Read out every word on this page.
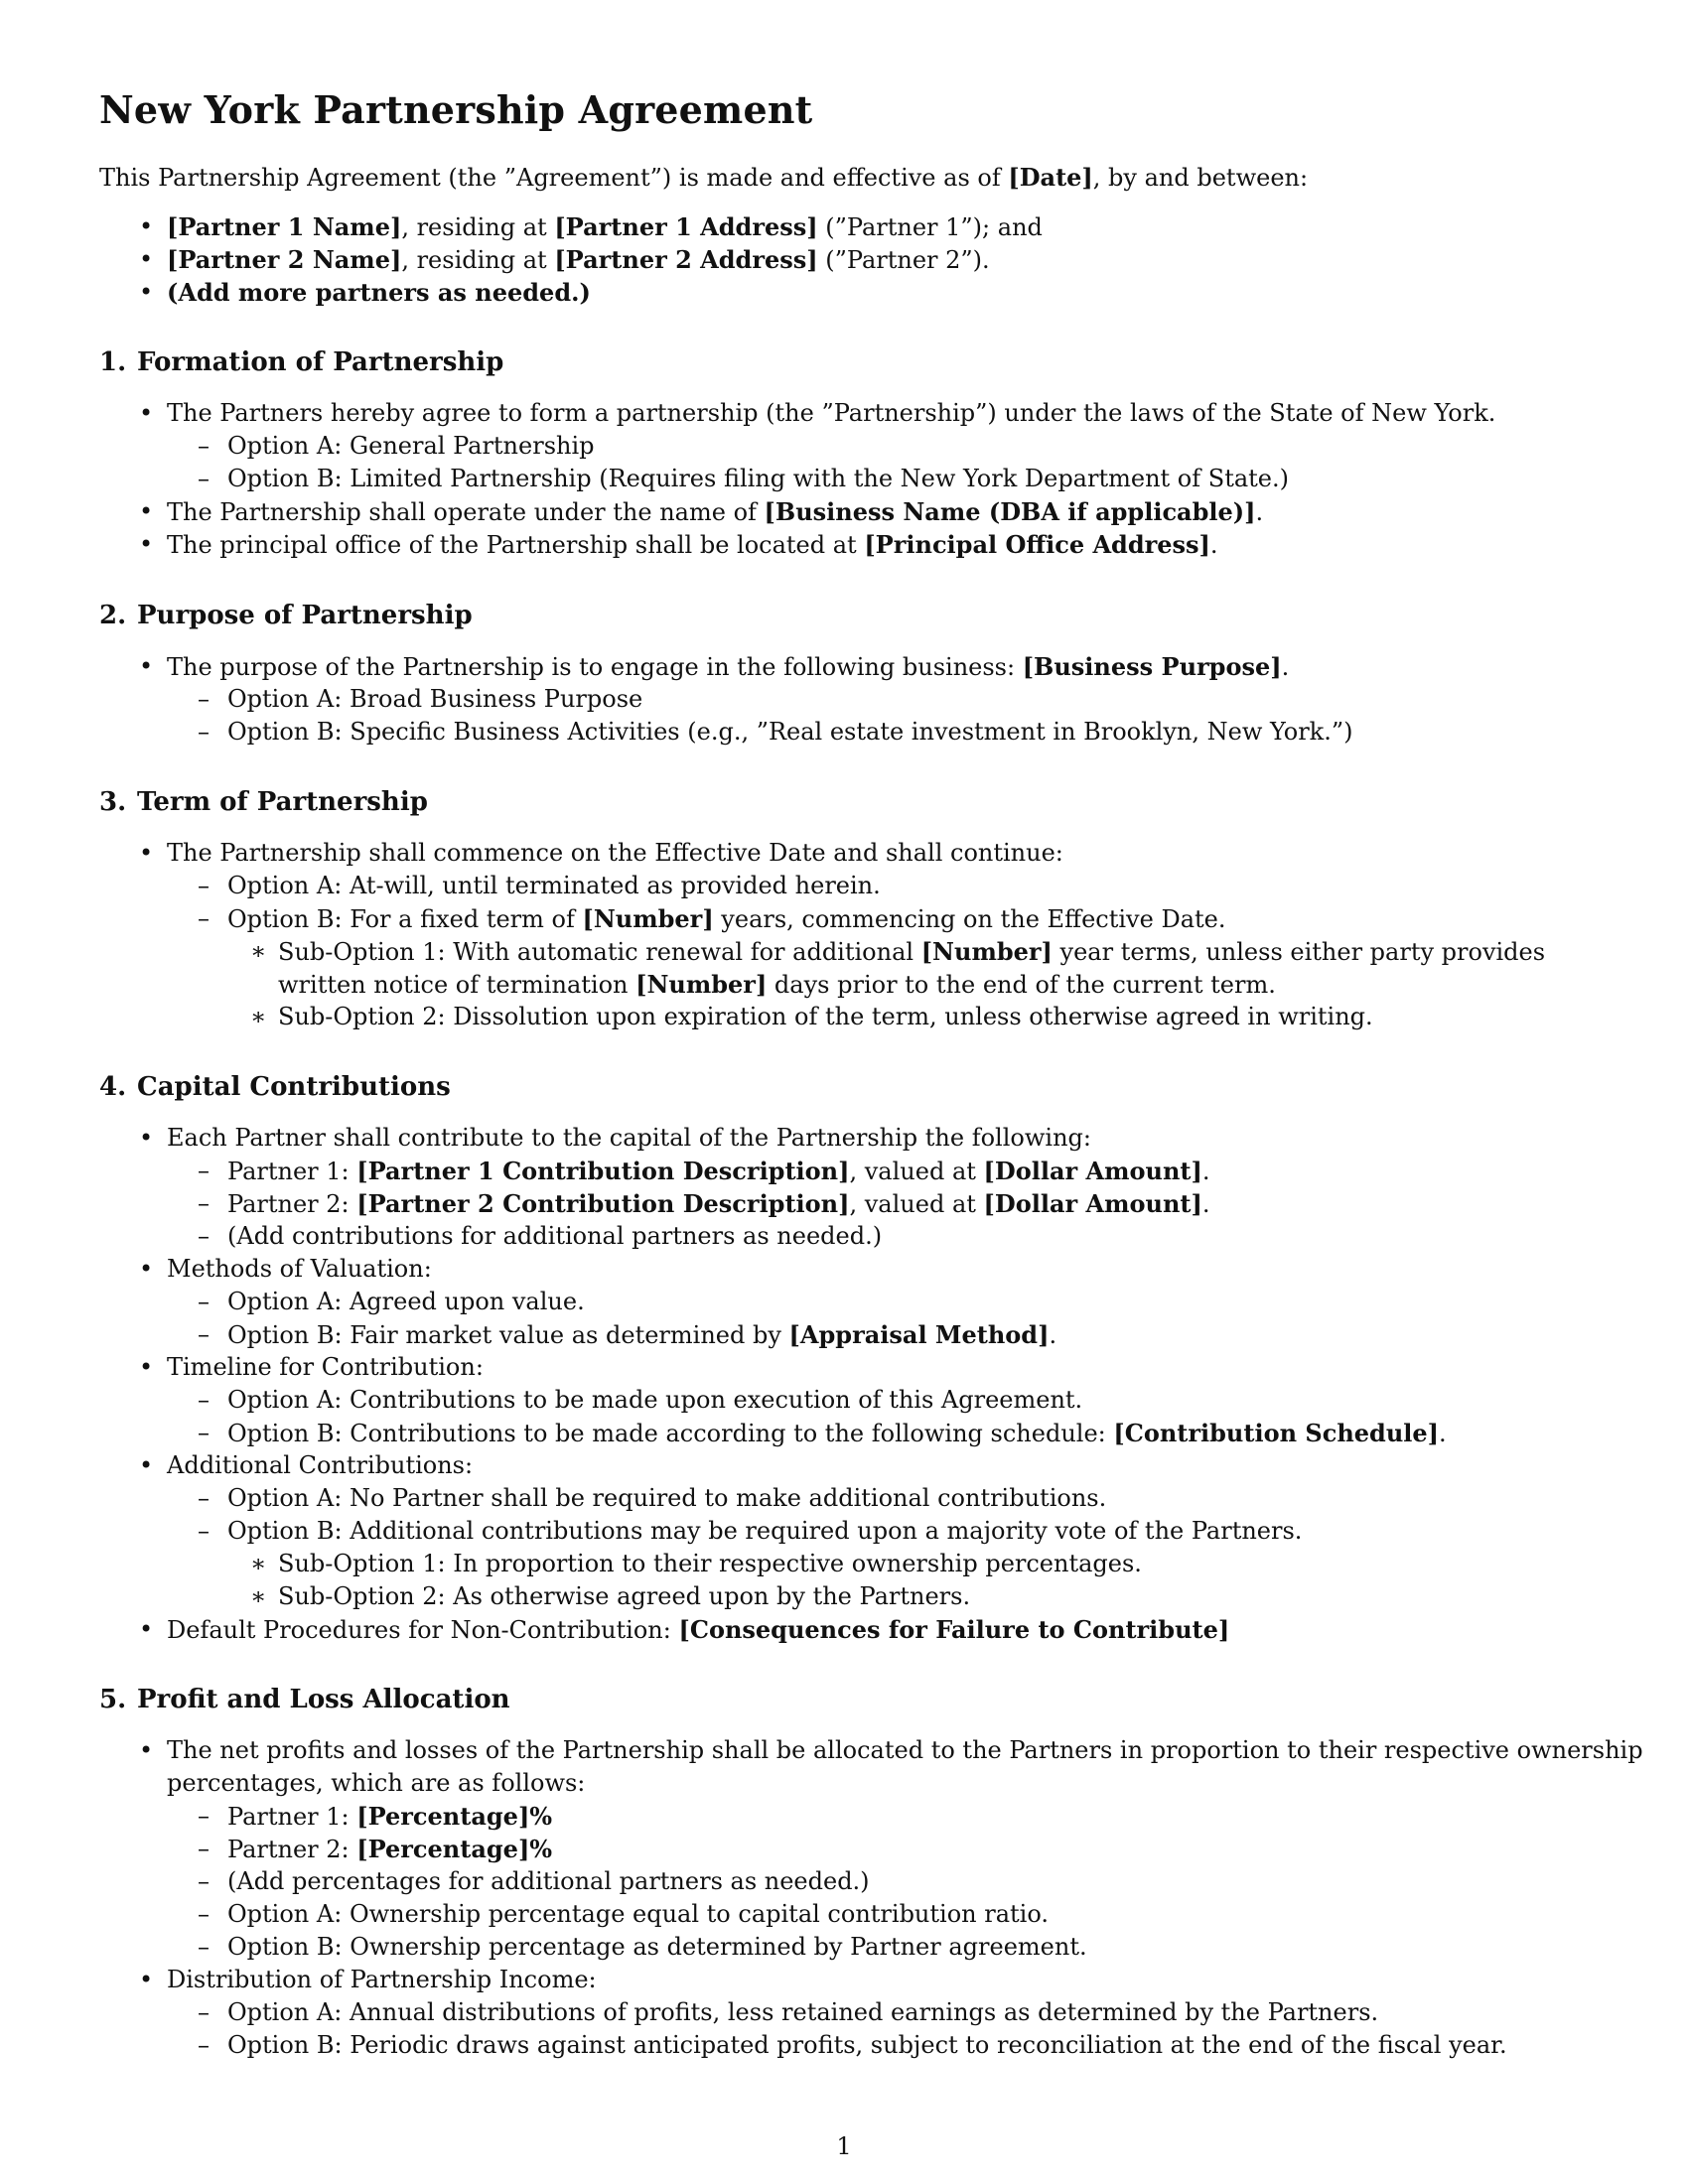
New York Partnership Agreement
This Partnership Agreement (the ”Agreement”) is made and effective as of [Date], by and between:
• [Partner 1 Name], residing at [Partner 1 Address] (”Partner 1”); and
• [Partner 2 Name], residing at [Partner 2 Address] (”Partner 2”).
• (Add more partners as needed.)
1. Formation of Partnership
• The Partners hereby agree to form a partnership (the ”Partnership”) under the laws of the State of New York.
– Option A: General Partnership
– Option B: Limited Partnership (Requires filing with the New York Department of State.)
• The Partnership shall operate under the name of [Business Name (DBA if applicable)].
• The principal office of the Partnership shall be located at [Principal Office Address].
2. Purpose of Partnership
• The purpose of the Partnership is to engage in the following business: [Business Purpose].
– Option A: Broad Business Purpose
– Option B: Specific Business Activities (e.g., ”Real estate investment in Brooklyn, New York.”)
3. Term of Partnership
• The Partnership shall commence on the Effective Date and shall continue:
– Option A: At-will, until terminated as provided herein.
– Option B: For a fixed term of [Number] years, commencing on the Effective Date.
∗ Sub-Option 1: With automatic renewal for additional [Number] year terms, unless either party provides
written notice of termination [Number] days prior to the end of the current term.
∗ Sub-Option 2: Dissolution upon expiration of the term, unless otherwise agreed in writing.
4. Capital Contributions
• Each Partner shall contribute to the capital of the Partnership the following:
– Partner 1: [Partner 1 Contribution Description], valued at [Dollar Amount].
– Partner 2: [Partner 2 Contribution Description], valued at [Dollar Amount].
– (Add contributions for additional partners as needed.)
• Methods of Valuation:
– Option A: Agreed upon value.
– Option B: Fair market value as determined by [Appraisal Method].
• Timeline for Contribution:
– Option A: Contributions to be made upon execution of this Agreement.
– Option B: Contributions to be made according to the following schedule: [Contribution Schedule].
• Additional Contributions:
– Option A: No Partner shall be required to make additional contributions.
– Option B: Additional contributions may be required upon a majority vote of the Partners.
∗ Sub-Option 1: In proportion to their respective ownership percentages.
∗ Sub-Option 2: As otherwise agreed upon by the Partners.
• Default Procedures for Non-Contribution: [Consequences for Failure to Contribute]
5. Profit and Loss Allocation
• The net profits and losses of the Partnership shall be allocated to the Partners in proportion to their respective ownership
percentages, which are as follows:
– Partner 1: [Percentage]%
– Partner 2: [Percentage]%
– (Add percentages for additional partners as needed.)
– Option A: Ownership percentage equal to capital contribution ratio.
– Option B: Ownership percentage as determined by Partner agreement.
• Distribution of Partnership Income:
– Option A: Annual distributions of profits, less retained earnings as determined by the Partners.
– Option B: Periodic draws against anticipated profits, subject to reconciliation at the end of the fiscal year.
1
